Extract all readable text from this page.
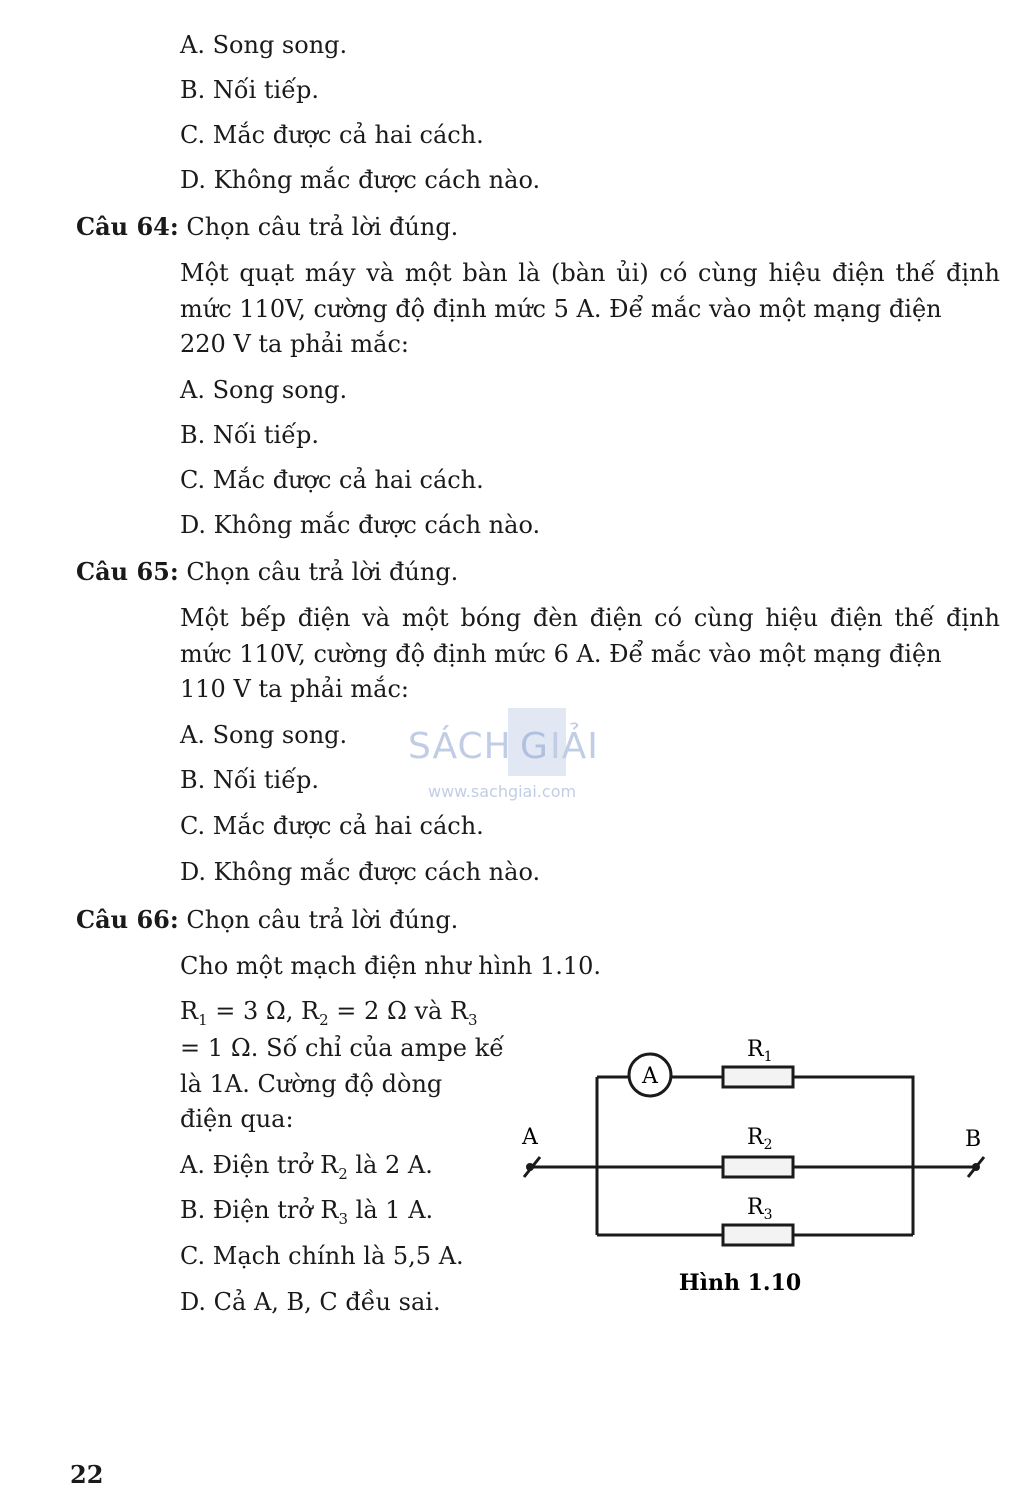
A. Song song.
B. Nối tiếp.
C. Mắc được cả hai cách.
D. Không mắc được cách nào.
Câu 64: Chọn câu trả lời đúng.
Một quạt máy và một bàn là (bàn ủi) có cùng hiệu điện thế định mức 110V, cường độ định mức 5 A. Để mắc vào một mạng điện
220 V ta phải mắc:
A. Song song.
B. Nối tiếp.
C. Mắc được cả hai cách.
D. Không mắc được cách nào.
Câu 65: Chọn câu trả lời đúng.
Một bếp điện và một bóng đèn điện có cùng hiệu điện thế định mức 110V, cường độ định mức 6 A. Để mắc vào một mạng điện
110 V ta phải mắc:
A. Song song.
B. Nối tiếp.
C. Mắc được cả hai cách.
D. Không mắc được cách nào.
SÁCH G IẢI
www.sachgiai.com
Câu 66: Chọn câu trả lời đúng.
Cho một mạch điện như hình 1.10.
$R_1 = 3$ Ω, $R_2 = 2$ Ω và $R_3$
= 1 Ω. Số chỉ của ampe kế là 1A. Cường độ dòng
điện qua:
A. Điện trở $R_2$ là 2 A.
B. Điện trở $R_3$ là 1 A.
C. Mạch chính là 5,5 A.
D. Cả A, B, C đều sai.
A
$R_1$
$R_2$
$R_3$
A	B
Hình 1.10
22
